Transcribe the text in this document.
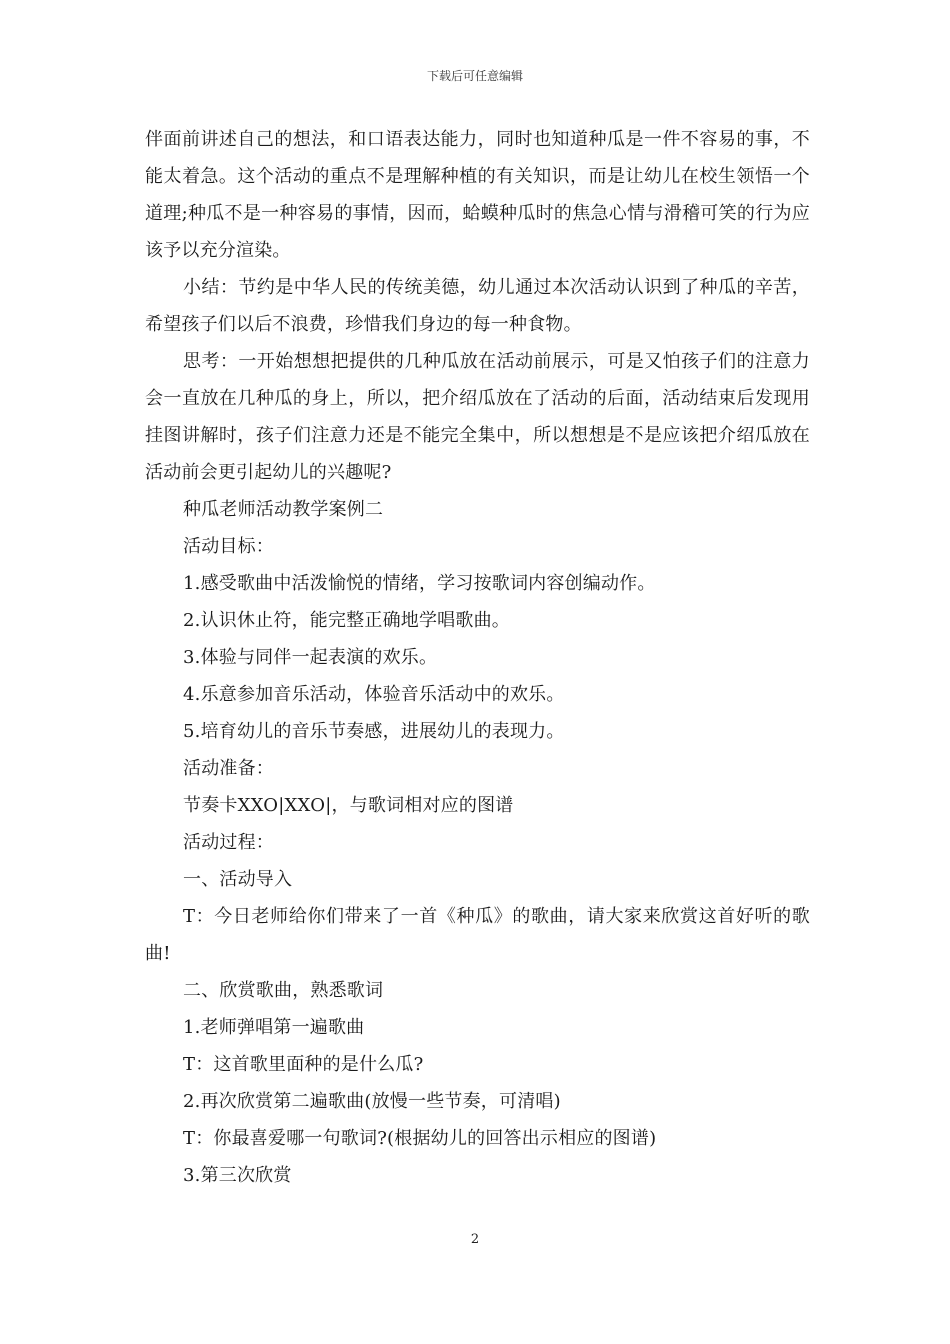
下载后可任意编辑

伴面前讲述自己的想法，和口语表达能力，同时也知道种瓜是一件不容易的事，不能太着急。这个活动的重点不是理解种植的有关知识，而是让幼儿在校生领悟一个道理;种瓜不是一种容易的事情，因而，蛤蟆种瓜时的焦急心情与滑稽可笑的行为应该予以充分渲染。

小结：节约是中华人民的传统美德，幼儿通过本次活动认识到了种瓜的辛苦，希望孩子们以后不浪费，珍惜我们身边的每一种食物。

思考：一开始想想把提供的几种瓜放在活动前展示，可是又怕孩子们的注意力会一直放在几种瓜的身上，所以，把介绍瓜放在了活动的后面，活动结束后发现用挂图讲解时，孩子们注意力还是不能完全集中，所以想想是不是应该把介绍瓜放在活动前会更引起幼儿的兴趣呢?

种瓜老师活动教学案例二

活动目标：

1.感受歌曲中活泼愉悦的情绪，学习按歌词内容创编动作。

2.认识休止符，能完整正确地学唱歌曲。

3.体验与同伴一起表演的欢乐。

4.乐意参加音乐活动，体验音乐活动中的欢乐。

5.培育幼儿的音乐节奏感，进展幼儿的表现力。

活动准备：

节奏卡XXO|XXO|，与歌词相对应的图谱

活动过程：

一、活动导入

T：今日老师给你们带来了一首《种瓜》的歌曲，请大家来欣赏这首好听的歌曲!

二、欣赏歌曲，熟悉歌词

1.老师弹唱第一遍歌曲

T：这首歌里面种的是什么瓜?

2.再次欣赏第二遍歌曲(放慢一些节奏，可清唱)

T：你最喜爱哪一句歌词?(根据幼儿的回答出示相应的图谱)

3.第三次欣赏

2
